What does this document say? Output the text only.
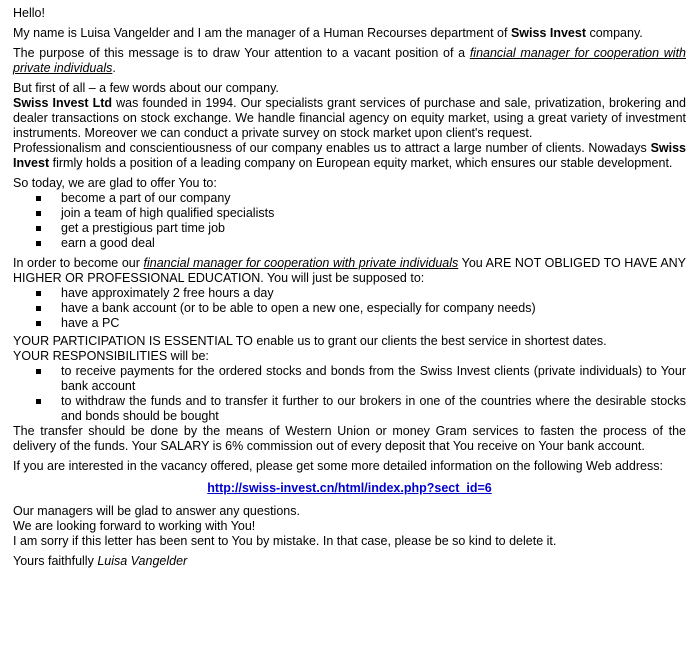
Hello!

My name is Luisa Vangelder and I am the manager of a Human Recourses department of Swiss Invest company.

The purpose of this message is to draw Your attention to a vacant position of a financial manager for cooperation with private individuals.

But first of all – a few words about our company.

Swiss Invest Ltd was founded in 1994. Our specialists grant services of purchase and sale, privatization, brokering and dealer transactions on stock exchange. We handle financial agency on equity market, using a great variety of investment instruments. Moreover we can conduct a private survey on stock market upon client's request.

Professionalism and conscientiousness of our company enables us to attract a large number of clients. Nowadays Swiss Invest firmly holds a position of a leading company on European equity market, which ensures our stable development.

So today, we are glad to offer You to:

become a part of our company
join a team of high qualified specialists
get a prestigious part time job
earn a good deal

In order to become our financial manager for cooperation with private individuals You ARE NOT OBLIGED TO HAVE ANY HIGHER OR PROFESSIONAL EDUCATION. You will just be supposed to:

have approximately 2 free hours a day
have a bank account (or to be able to open a new one, especially for company needs)
have a PC

YOUR PARTICIPATION IS ESSENTIAL TO enable us to grant our clients the best service in shortest dates.

YOUR RESPONSIBILITIES will be:

to receive payments for the ordered stocks and bonds from the Swiss Invest clients (private individuals) to Your bank account
to withdraw the funds and to transfer it further to our brokers in one of the countries where the desirable stocks and bonds should be bought

The transfer should be done by the means of Western Union or money Gram services to fasten the process of the delivery of the funds. Your SALARY is 6% commission out of every deposit that You receive on Your bank account.

If you are interested in the vacancy offered, please get some more detailed information on the following Web address:

http://swiss-invest.cn/html/index.php?sect_id=6

Our managers will be glad to answer any questions.

We are looking forward to working with You!

I am sorry if this letter has been sent to You by mistake. In that case, please be so kind to delete it.

Yours faithfully Luisa Vangelder
